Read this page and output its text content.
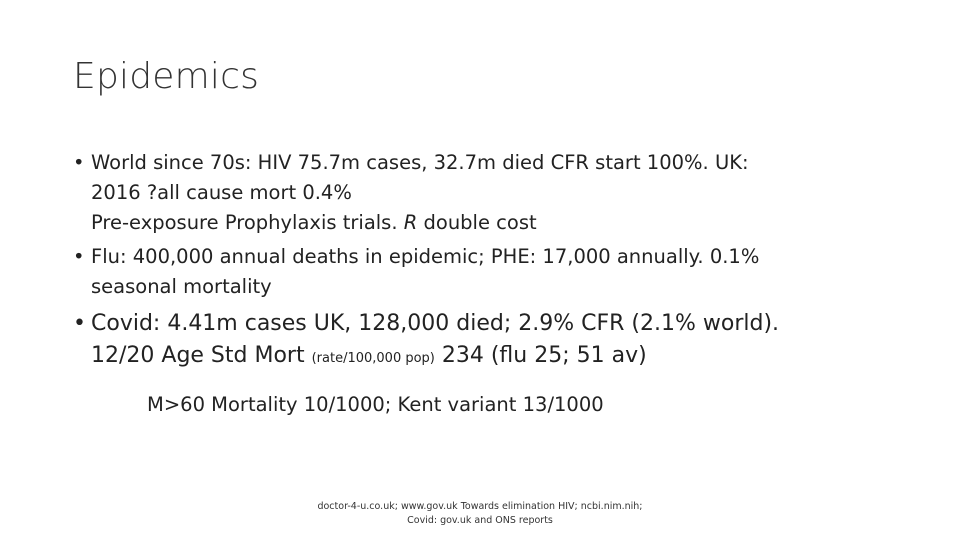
Epidemics
• World since 70s: HIV 75.7m cases, 32.7m died CFR start 100%. UK:
2016 ?all cause mort 0.4%
Pre-exposure Prophylaxis trials. R double cost
• Flu: 400,000 annual deaths in epidemic; PHE: 17,000 annually. 0.1%
seasonal mortality
• Covid: 4.41m cases UK, 128,000 died; 2.9% CFR (2.1% world).
12/20 Age Std Mort (rate/100,000 pop) 234 (flu 25; 51 av)
M>60 Mortality 10/1000; Kent variant 13/1000
doctor-4-u.co.uk; www.gov.uk Towards elimination HIV; ncbi.nim.nih;
Covid: gov.uk and ONS reports
